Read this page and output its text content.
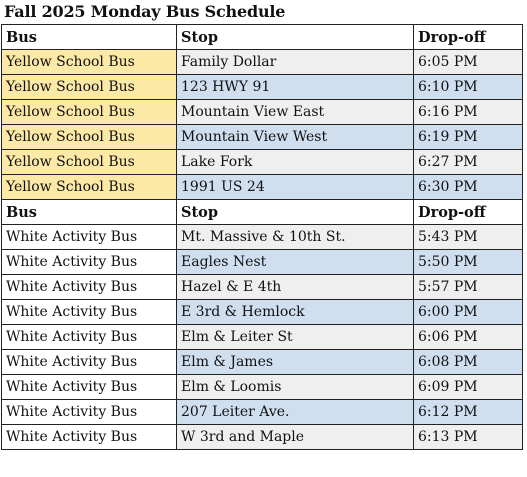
Fall 2025 Monday Bus Schedule
Bus	Stop	Drop-off
Yellow School Bus	Family Dollar	6:05 PM
Yellow School Bus	123 HWY 91	6:10 PM
Yellow School Bus	Mountain View East	6:16 PM
Yellow School Bus	Mountain View West	6:19 PM
Yellow School Bus	Lake Fork	6:27 PM
Yellow School Bus	1991 US 24	6:30 PM
Bus	Stop	Drop-off
White Activity Bus	Mt. Massive & 10th St.	5:43 PM
White Activity Bus	Eagles Nest	5:50 PM
White Activity Bus	Hazel & E 4th	5:57 PM
White Activity Bus	E 3rd & Hemlock	6:00 PM
White Activity Bus	Elm & Leiter St	6:06 PM
White Activity Bus	Elm & James	6:08 PM
White Activity Bus	Elm & Loomis	6:09 PM
White Activity Bus	207 Leiter Ave.	6:12 PM
White Activity Bus	W 3rd and Maple	6:13 PM
